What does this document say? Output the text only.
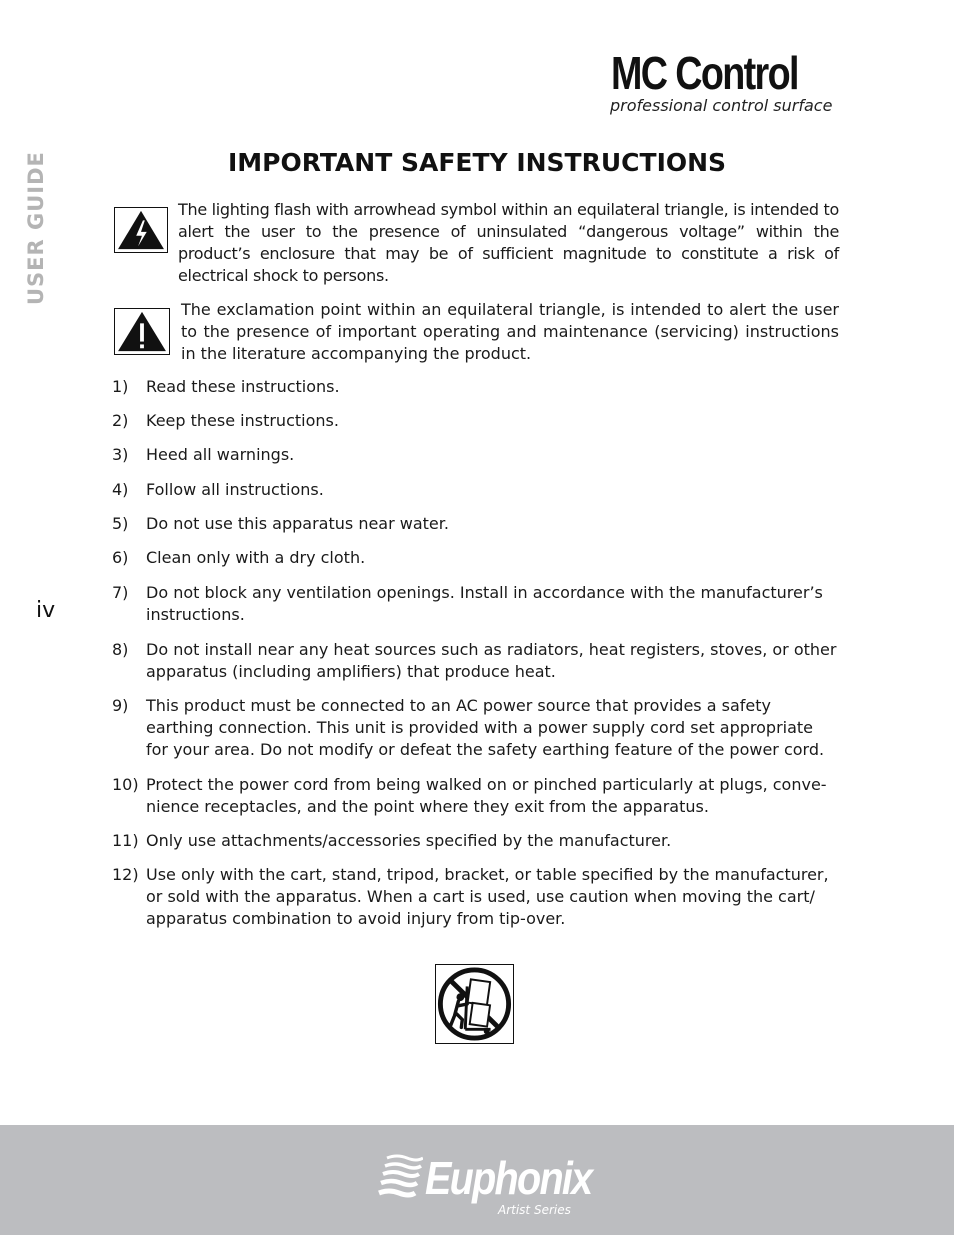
MC Control
professional control surface
USER GUIDE
iv
IMPORTANT SAFETY INSTRUCTIONS

The lighting flash with arrowhead symbol within an equilateral triangle, is intended to alert the user to the presence of uninsulated “dangerous voltage” within the product’s enclosure that may be of sufficient magnitude to constitute a risk of electrical shock to persons.

The exclamation point within an equilateral triangle, is intended to alert the user to the presence of important operating and maintenance (servicing) instructions in the literature accompanying the product.

1)	Read these instructions.
2)	Keep these instructions.
3)	Heed all warnings.
4)	Follow all instructions.
5)	Do not use this apparatus near water.
6)	Clean only with a dry cloth.
7)	Do not block any ventilation openings. Install in accordance with the manufacturer’s instructions.
8)	Do not install near any heat sources such as radiators, heat registers, stoves, or other apparatus (including amplifiers) that produce heat.
9)	This product must be connected to an AC power source that provides a safety earthing connection. This unit is provided with a power supply cord set appropriate for your area. Do not modify or defeat the safety earthing feature of the power cord.
10) Protect the power cord from being walked on or pinched particularly at plugs, conve-nience receptacles, and the point where they exit from the apparatus.
11) Only use attachments/accessories specified by the manufacturer.
12) Use only with the cart, stand, tripod, bracket, or table specified by the manufacturer, or sold with the apparatus. When a cart is used, use caution when moving the cart/ apparatus combination to avoid injury from tip-over.
Euphonix
Artist Series
